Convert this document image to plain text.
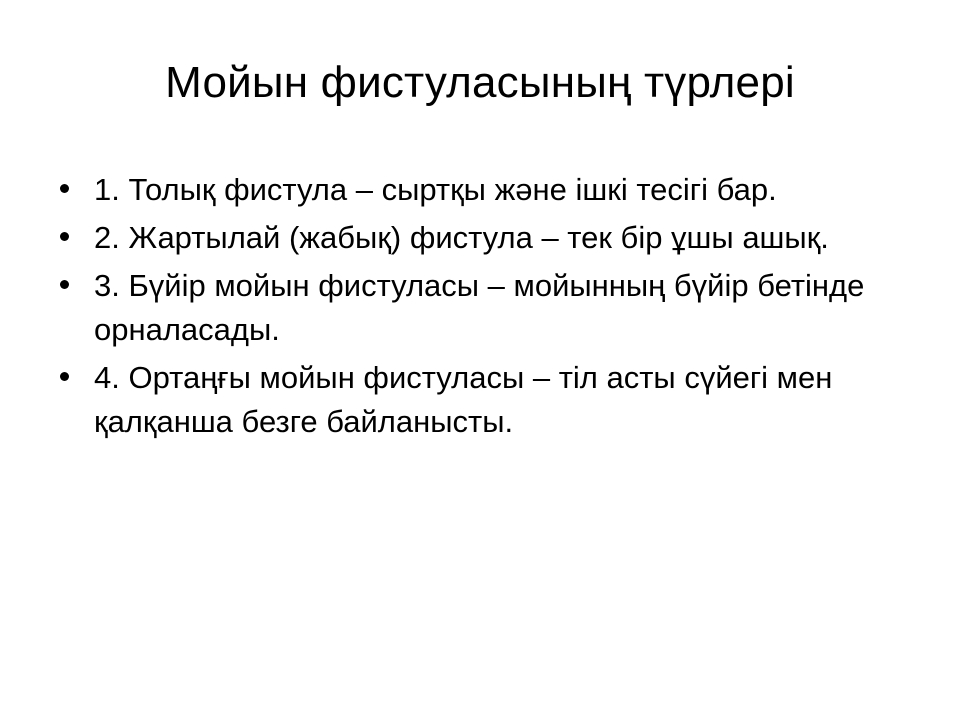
Мойын фистуласының түрлері
1. Толық фистула – сыртқы және ішкі тесігі бар.
2. Жартылай (жабық) фистула – тек бір ұшы ашық.
3. Бүйір мойын фистуласы – мойынның бүйір бетінде орналасады.
4. Ортаңғы мойын фистуласы – тіл асты сүйегі мен қалқанша безге байланысты.
